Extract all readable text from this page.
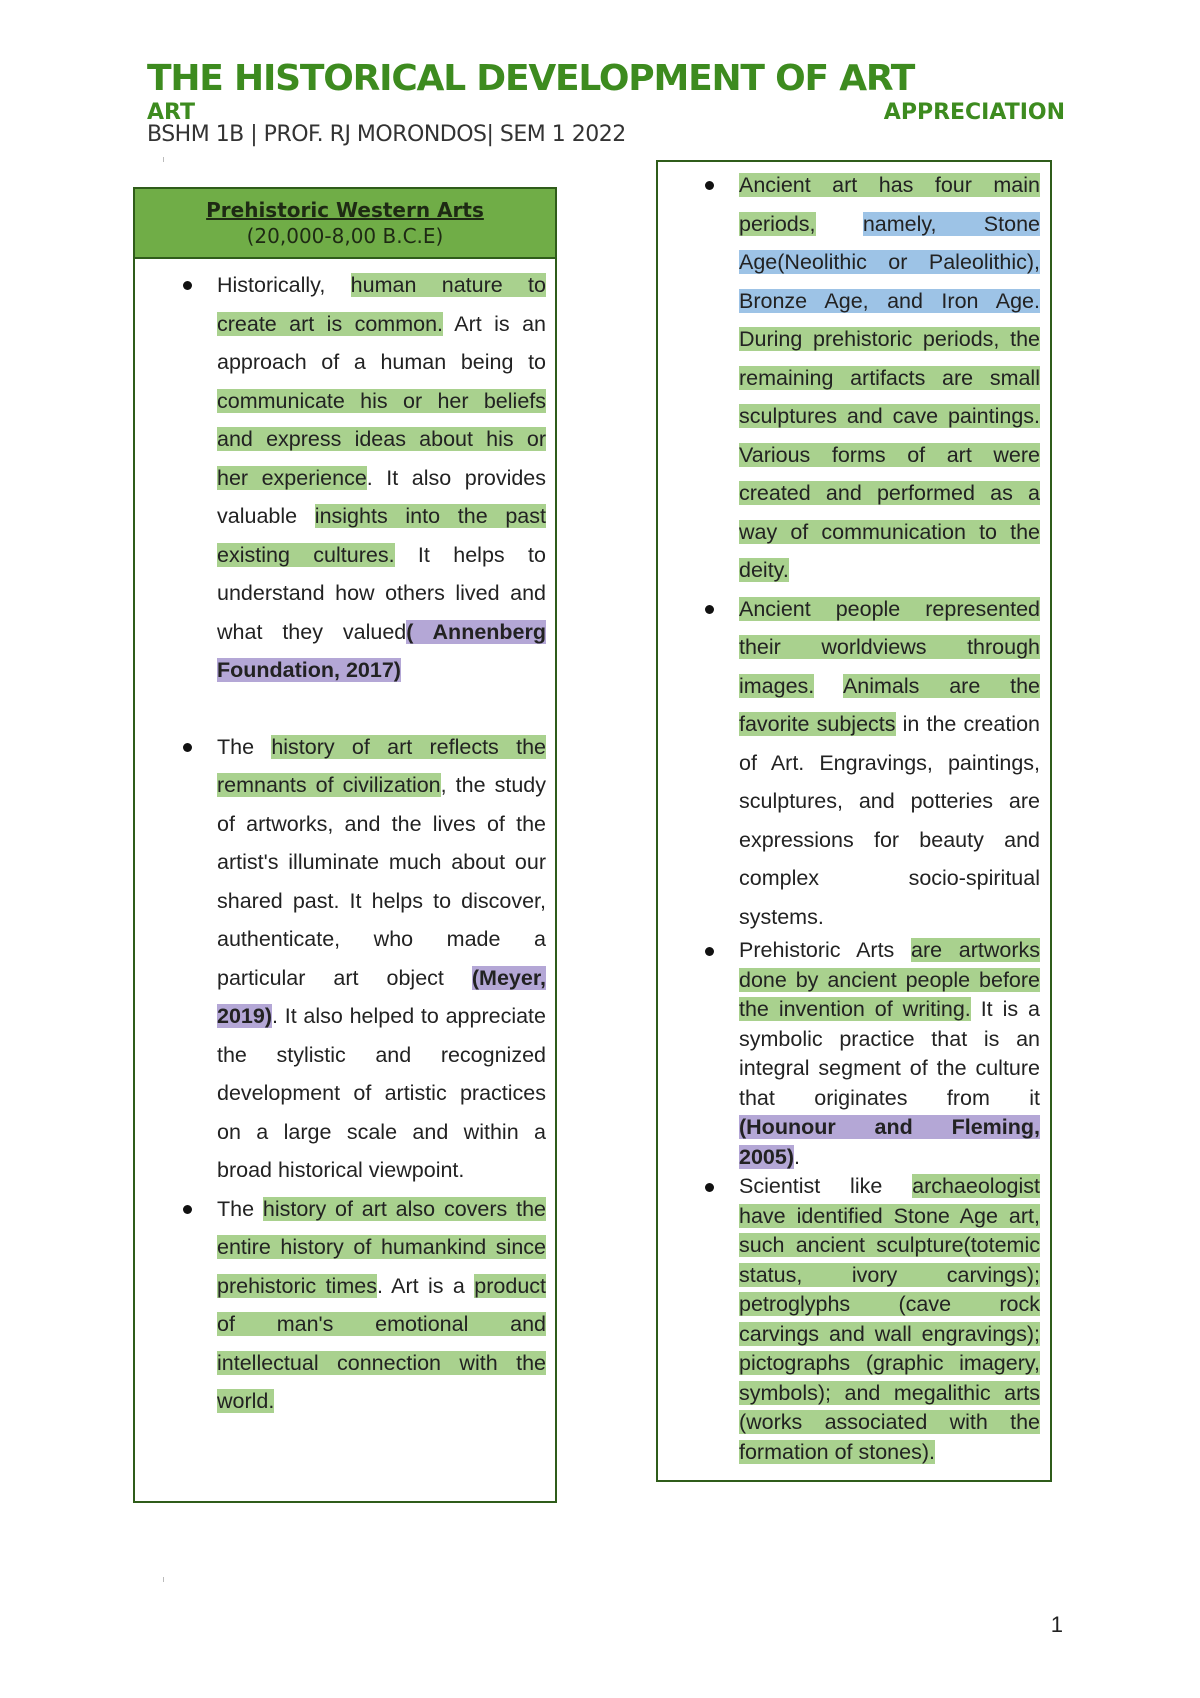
THE HISTORICAL DEVELOPMENT OF ART
ART	APPRECIATION
BSHM 1B | PROF. RJ MORONDOS| SEM 1 2022
Prehistoric Western Arts
(20,000-8,00 B.C.E)
Historically, human nature to create art is common. Art is an approach of a human being to communicate his or her beliefs and express ideas about his or her experience. It also provides valuable insights into the past existing cultures. It helps to understand how others lived and what they valued( Annenberg Foundation, 2017)
The history of art reflects the remnants of civilization, the study of artworks, and the lives of the artist's illuminate much about our shared past. It helps to discover, authenticate, who made a particular art object (Meyer, 2019). It also helped to appreciate the stylistic and recognized development of artistic practices on a large scale and within a broad historical viewpoint.
The history of art also covers the entire history of humankind since prehistoric times. Art is a product of man's emotional and intellectual connection with the world.
Ancient art has four main periods, namely, Stone Age(Neolithic or Paleolithic), Bronze Age, and Iron Age. During prehistoric periods, the remaining artifacts are small sculptures and cave paintings. Various forms of art were created and performed as a way of communication to the deity.
Ancient people represented their worldviews through images. Animals are the favorite subjects in the creation of Art. Engravings, paintings, sculptures, and potteries are expressions for beauty and complex socio-spiritual systems.
Prehistoric Arts are artworks done by ancient people before the invention of writing. It is a symbolic practice that is an integral segment of the culture that originates from it (Hounour and Fleming, 2005).
Scientist like archaeologist have identified Stone Age art, such ancient sculpture(totemic status, ivory carvings); petroglyphs (cave rock carvings and wall engravings); pictographs (graphic imagery, symbols); and megalithic arts (works associated with the formation of stones).
1
